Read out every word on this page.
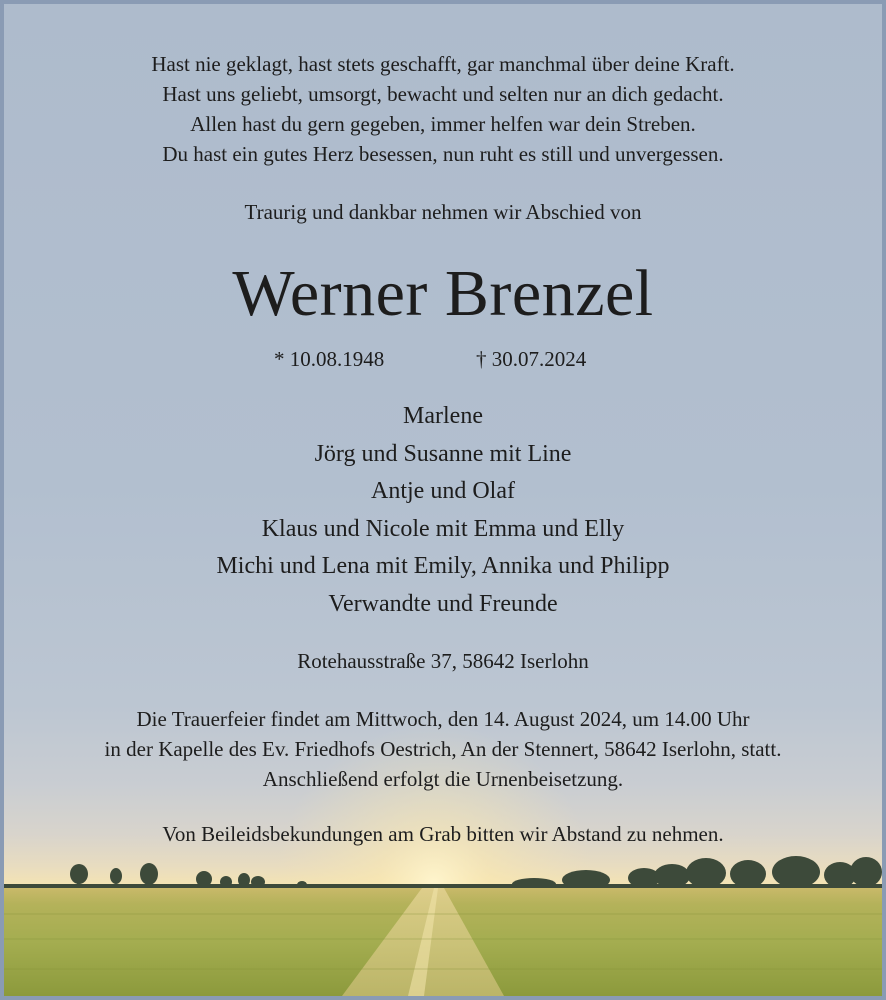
Hast nie geklagt, hast stets geschafft, gar manchmal über deine Kraft.
Hast uns geliebt, umsorgt, bewacht und selten nur an dich gedacht.
Allen hast du gern gegeben, immer helfen war dein Streben.
Du hast ein gutes Herz besessen, nun ruht es still und unvergessen.

Traurig und dankbar nehmen wir Abschied von

Werner Brenzel
* 10.08.1948	† 30.07.2024
Marlene
Jörg und Susanne mit Line
Antje und Olaf
Klaus und Nicole mit Emma und Elly
Michi und Lena mit Emily, Annika und Philipp
Verwandte und Freunde

Rotehausstraße 37, 58642 Iserlohn

Die Trauerfeier findet am Mittwoch, den 14. August 2024, um 14.00 Uhr
in der Kapelle des Ev. Friedhofs Oestrich, An der Stennert, 58642 Iserlohn, statt.
Anschließend erfolgt die Urnenbeisetzung.

Von Beileidsbekundungen am Grab bitten wir Abstand zu nehmen.
